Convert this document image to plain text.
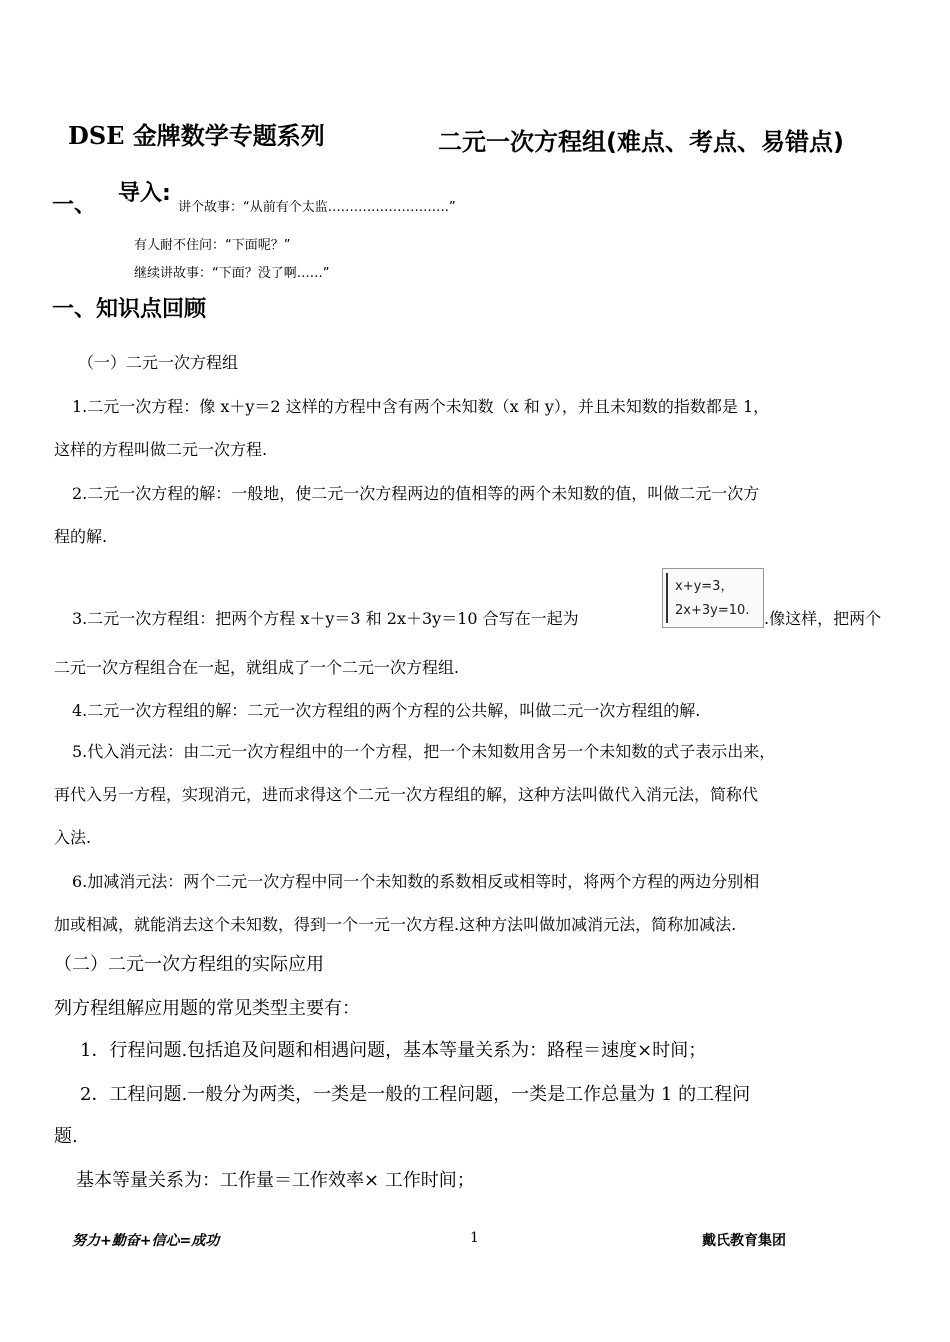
DSE 金牌数学专题系列	二元一次方程组(难点、考点、易错点)
一、 导入:
讲个故事：“从前有个太监……………………….”
有人耐不住问：“下面呢？”
继续讲故事：“下面？没了啊……”
一、知识点回顾
（一）二元一次方程组
1.二元一次方程：像 x＋y＝2 这样的方程中含有两个未知数（x 和 y），并且未知数的指数都是 1，
这样的方程叫做二元一次方程.
2.二元一次方程的解：一般地，使二元一次方程两边的值相等的两个未知数的值，叫做二元一次方
程的解.
3.二元一次方程组：把两个方程 x＋y＝3 和 2x＋3y＝10 合写在一起为
x+y=3，
2x+3y=10. .像这样，把两个
二元一次方程组合在一起，就组成了一个二元一次方程组.
4.二元一次方程组的解：二元一次方程组的两个方程的公共解，叫做二元一次方程组的解.
5.代入消元法：由二元一次方程组中的一个方程，把一个未知数用含另一个未知数的式子表示出来，
再代入另一方程，实现消元，进而求得这个二元一次方程组的解，这种方法叫做代入消元法，简称代
入法.
6.加减消元法：两个二元一次方程中同一个未知数的系数相反或相等时，将两个方程的两边分别相
加或相减，就能消去这个未知数，得到一个一元一次方程.这种方法叫做加减消元法，简称加减法.
（二）二元一次方程组的实际应用
列方程组解应用题的常见类型主要有：
1．行程问题.包括追及问题和相遇问题，基本等量关系为：路程＝速度×时间；
2．工程问题.一般分为两类，一类是一般的工程问题，一类是工作总量为 1 的工程问
题.
基本等量关系为：工作量＝工作效率× 工作时间；
努力+勤奋+信心=成功	1	戴氏教育集团
